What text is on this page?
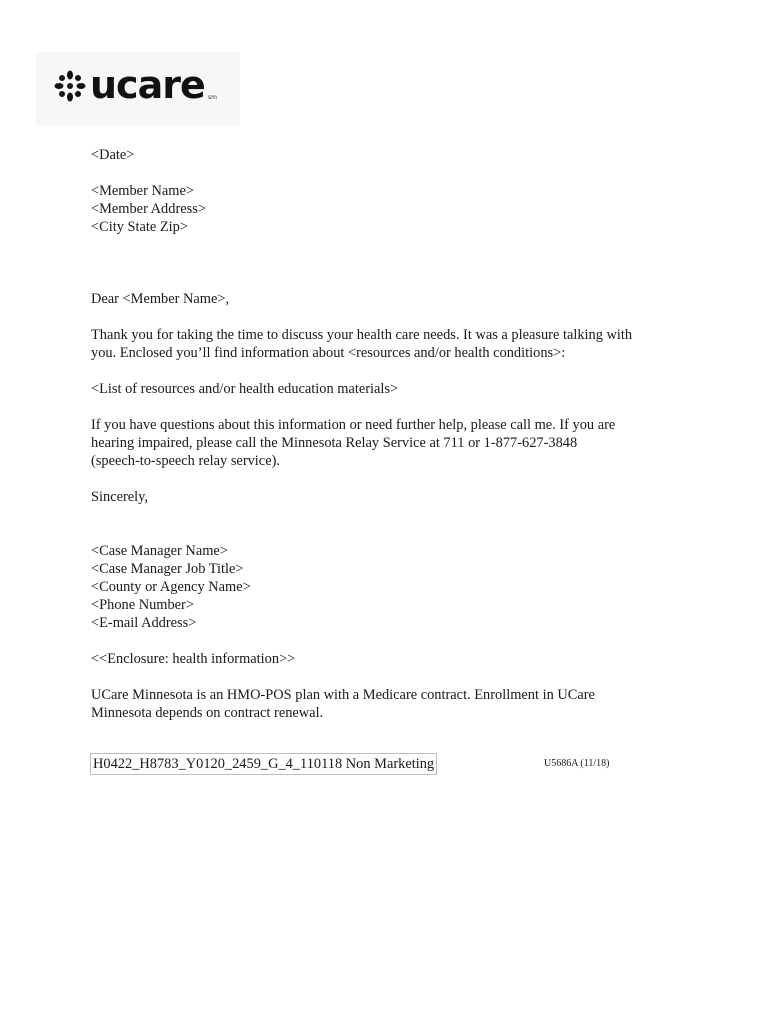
ucare sm
<Date>
<Member Name>
<Member Address>
<City State Zip>
Dear <Member Name>,
Thank you for taking the time to discuss your health care needs. It was a pleasure talking with
you. Enclosed you’ll find information about <resources and/or health conditions>:
<List of resources and/or health education materials>
If you have questions about this information or need further help, please call me. If you are
hearing impaired, please call the Minnesota Relay Service at 711 or 1-877-627-3848
(speech-to-speech relay service).
Sincerely,
<Case Manager Name>
<Case Manager Job Title>
<County or Agency Name>
<Phone Number>
<E-mail Address>
<<Enclosure: health information>>
UCare Minnesota is an HMO-POS plan with a Medicare contract. Enrollment in UCare
Minnesota depends on contract renewal.
H0422_H8783_Y0120_2459_G_4_110118 Non Marketing	U5686A (11/18)
